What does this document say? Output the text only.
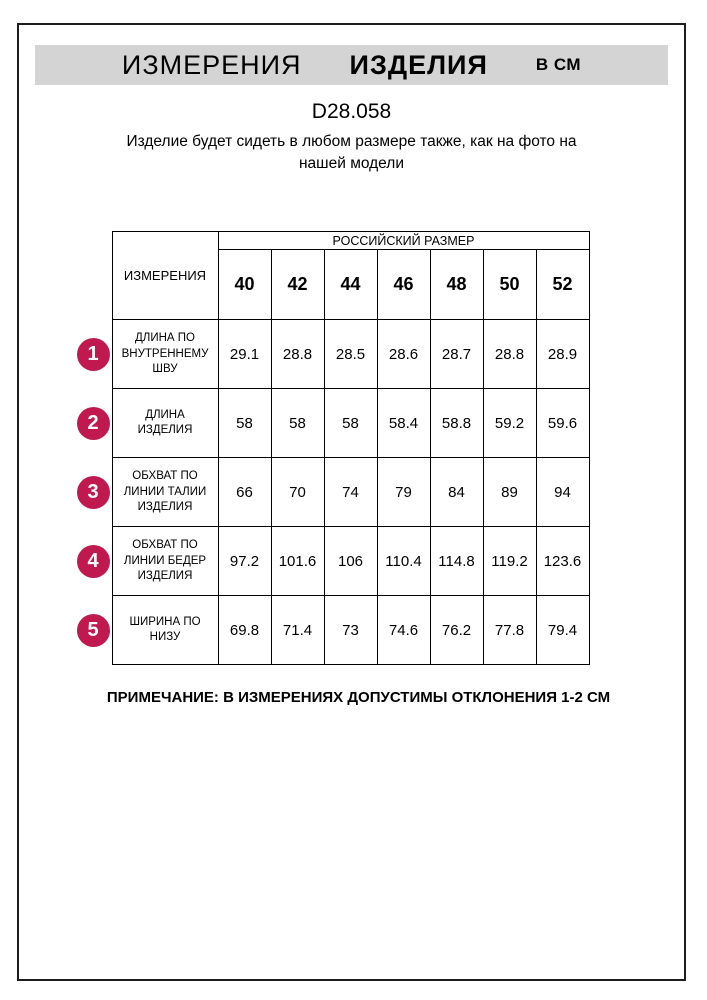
ИЗМЕРЕНИЯ ИЗДЕЛИЯ	В СМ
D28.058
Изделие будет сидеть в любом размере также, как на фото на нашей модели
	ИЗМЕРЕНИЯ	РОССИЙСКИЙ РАЗМЕР						
		40	42	44	46	48	50	52

1	ДЛИНА ПО ВНУТРЕННЕМУ ШВУ	29.1	28.8	28.5	28.6	28.7	28.8	28.9

2	ДЛИНА ИЗДЕЛИЯ	58	58	58	58.4	58.8	59.2	59.6

3	ОБХВАТ ПО ЛИНИИ ТАЛИИ ИЗДЕЛИЯ	66	70	74	79	84	89	94

4	ОБХВАТ ПО ЛИНИИ БЕДЕР ИЗДЕЛИЯ	97.2	101.6	106	110.4	114.8	119.2	123.6

5	ШИРИНА ПО НИЗУ	69.8	71.4	73	74.6	76.2	77.8	79.4
ПРИМЕЧАНИЕ: В ИЗМЕРЕНИЯХ ДОПУСТИМЫ ОТКЛОНЕНИЯ 1-2 СМ
